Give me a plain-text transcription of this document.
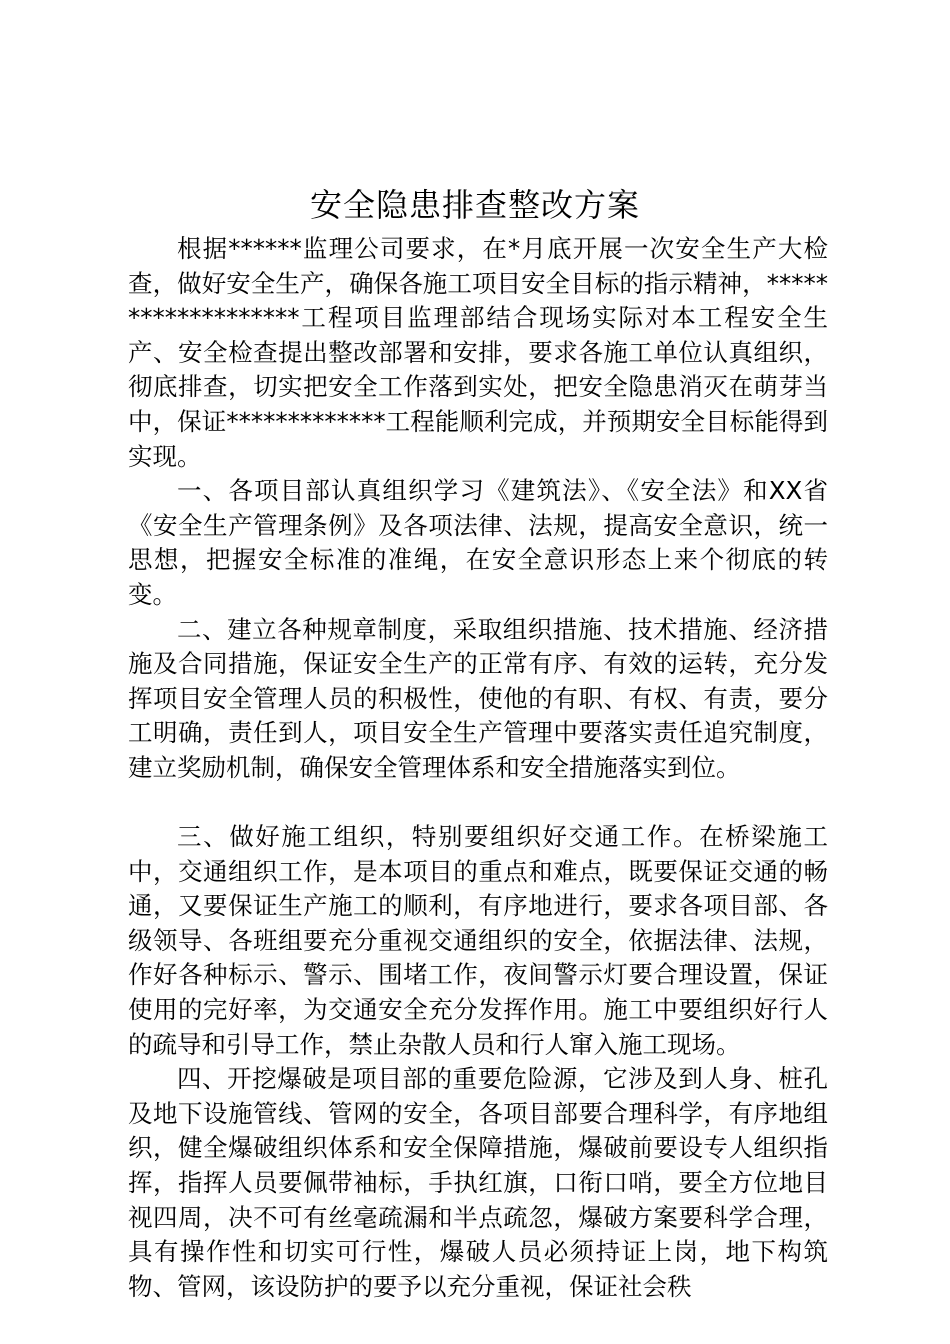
安全隐患排查整改方案

根据******监理公司要求，在*月底开展一次安全生产大检查，做好安全生产，确保各施工项目安全目标的指示精神，*******************工程项目监理部结合现场实际对本工程安全生产、安全检查提出整改部署和安排，要求各施工单位认真组织，彻底排查，切实把安全工作落到实处，把安全隐患消灭在萌芽当中，保证*************工程能顺利完成，并预期安全目标能得到实现。

一、各项目部认真组织学习《建筑法》、《安全法》和XX省《安全生产管理条例》及各项法律、法规，提高安全意识，统一思想，把握安全标准的准绳，在安全意识形态上来个彻底的转变。

二、建立各种规章制度，采取组织措施、技术措施、经济措施及合同措施，保证安全生产的正常有序、有效的运转，充分发挥项目安全管理人员的积极性，使他的有职、有权、有责，要分工明确，责任到人，项目安全生产管理中要落实责任追究制度，建立奖励机制，确保安全管理体系和安全措施落实到位。

三、做好施工组织，特别要组织好交通工作。在桥梁施工中，交通组织工作，是本项目的重点和难点，既要保证交通的畅通，又要保证生产施工的顺利，有序地进行，要求各项目部、各级领导、各班组要充分重视交通组织的安全，依据法律、法规，作好各种标示、警示、围堵工作，夜间警示灯要合理设置，保证使用的完好率，为交通安全充分发挥作用。施工中要组织好行人的疏导和引导工作，禁止杂散人员和行人窜入施工现场。

四、开挖爆破是项目部的重要危险源，它涉及到人身、桩孔及地下设施管线、管网的安全，各项目部要合理科学，有序地组织，健全爆破组织体系和安全保障措施，爆破前要设专人组织指挥，指挥人员要佩带袖标，手执红旗，口衔口哨，要全方位地目视四周，决不可有丝毫疏漏和半点疏忽，爆破方案要科学合理，具有操作性和切实可行性，爆破人员必须持证上岗，地下构筑物、管网，该设防护的要予以充分重视，保证社会秩
